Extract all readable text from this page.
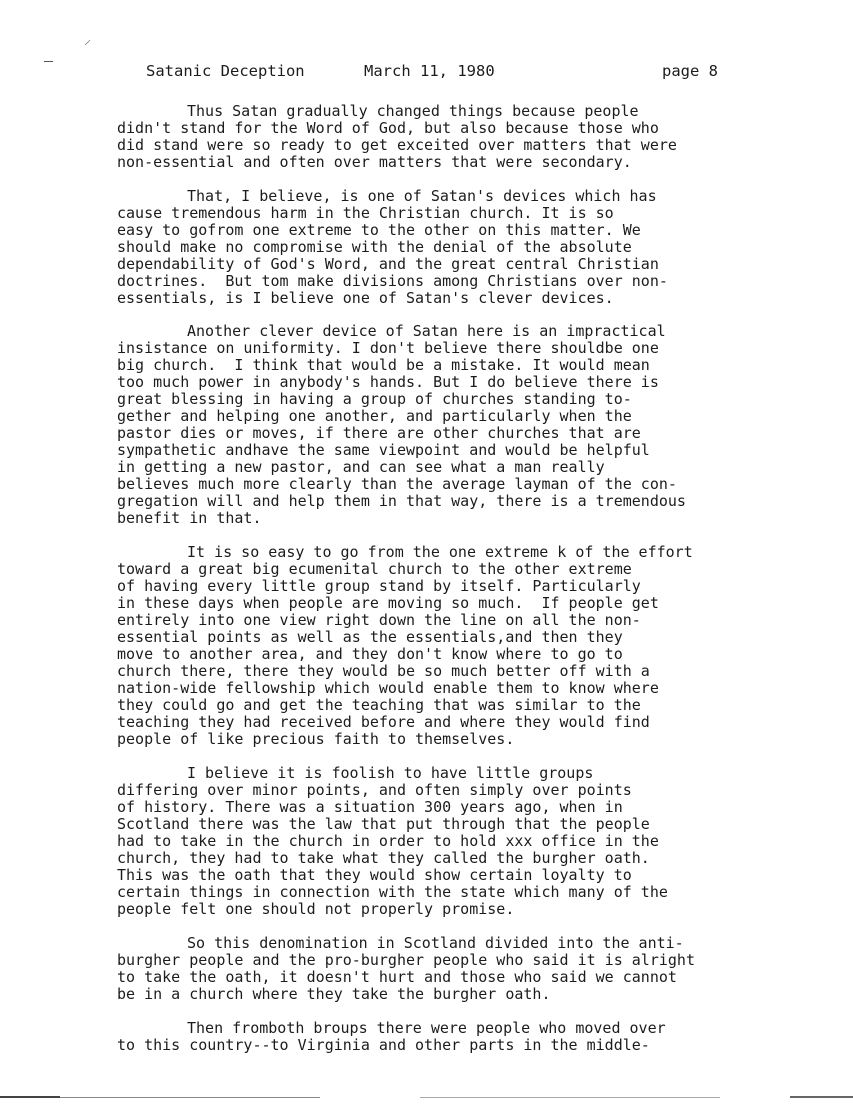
⸝

Satanic Deception

	March 11, 1980

	page 8

Thus Satan gradually changed things because people
didn't stand for the Word of God, but also because those who
did stand were so ready to get exceited over matters that were
non-essential and often over matters that were secondary.
That, I believe, is one of Satan's devices which has
cause tremendous harm in the Christian church. It is so
easy to gofrom one extreme to the other on this matter. We
should make no compromise with the denial of the absolute
dependability of God's Word, and the great central Christian
doctrines.  But tom make divisions among Christians over non-
essentials, is I believe one of Satan's clever devices.
Another clever device of Satan here is an impractical
insistance on uniformity. I don't believe there shouldbe one
big church.  I think that would be a mistake. It would mean
too much power in anybody's hands. But I do believe there is
great blessing in having a group of churches standing to-
gether and helping one another, and particularly when the
pastor dies or moves, if there are other churches that are
sympathetic andhave the same viewpoint and would be helpful
in getting a new pastor, and can see what a man really
believes much more clearly than the average layman of the con-
gregation will and help them in that way, there is a tremendous
benefit in that.
It is so easy to go from the one extreme k of the effort
toward a great big ecumenital church to the other extreme
of having every little group stand by itself. Particularly
in these days when people are moving so much.  If people get
entirely into one view right down the line on all the non-
essential points as well as the essentials,and then they
move to another area, and they don't know where to go to
church there, there they would be so much better off with a
nation-wide fellowship which would enable them to know where
they could go and get the teaching that was similar to the
teaching they had received before and where they would find
people of like precious faith to themselves.
I believe it is foolish to have little groups
differing over minor points, and often simply over points
of history. There was a situation 300 years ago, when in
Scotland there was the law that put through that the people
had to take in the church in order to hold xxx office in the
church, they had to take what they called the burgher oath.
This was the oath that they would show certain loyalty to
certain things in connection with the state which many of the
people felt one should not properly promise.
So this denomination in Scotland divided into the anti-
burgher people and the pro-burgher people who said it is alright
to take the oath, it doesn't hurt and those who said we cannot
be in a church where they take the burgher oath.
Then fromboth broups there were people who moved over
to this country--to Virginia and other parts in the middle-
